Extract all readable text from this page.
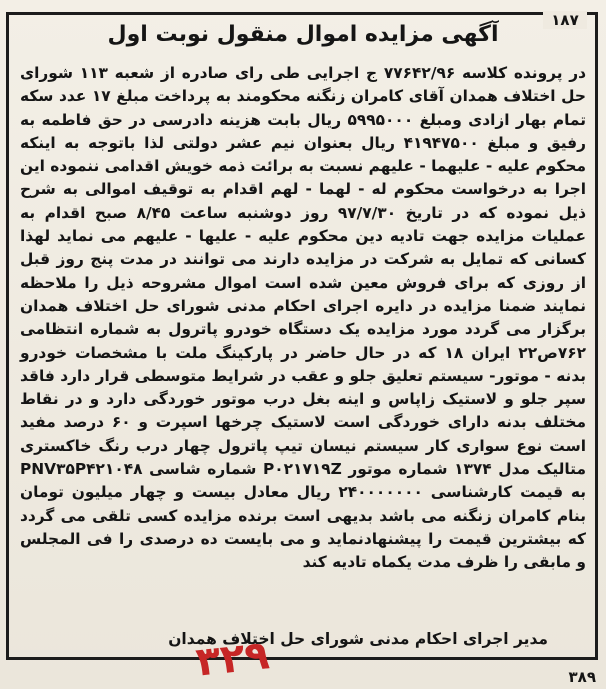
۱۸۷
آگهی مزایده اموال منقول نوبت اول
در پرونده کلاسه ۷۷۶۴۲/۹۶ ج اجرایی طی رای صادره از شعبه ۱۱۳ شورای حل اختلاف همدان آقای کامران زنگنه محکومند به پرداخت مبلغ ۱۷ عدد سکه تمام بهار ازادی ومبلغ ۵۹۹۵۰۰۰ ریال بابت هزینه دادرسی در حق فاطمه به رفیق و مبلغ ۴۱۹۴۷۵۰۰ ریال بعنوان نیم عشر دولتی لذا باتوجه به اینکه محکوم علیه - علیهما - علیهم نسبت به برائت ذمه خویش اقدامی ننموده این اجرا به درخواست محکوم له - لهما - لهم اقدام به توقیف اموالی به شرح ذیل نموده که در تاریخ ۹۷/۷/۳۰ روز دوشنبه ساعت ۸/۴۵ صبح اقدام به عملیات مزایده جهت تادیه دین محکوم علیه - علیها - علیهم می نماید لهذا کسانی که تمایل به شرکت در مزایده دارند می توانند در مدت پنج روز قبل از روزی که برای فروش معین شده است اموال مشروحه ذیل را ملاحظه نمایند ضمنا مزایده در دایره اجرای احکام مدنی شورای حل اختلاف همدان برگزار می گردد مورد مزایده یک دستگاه خودرو پاترول به شماره انتظامی ۷۶۲ص۲۲ ایران ۱۸ که در حال حاضر در پارکینگ ملت با مشخصات خودرو بدنه - موتور- سیستم تعلیق جلو و عقب در شرایط متوسطی قرار دارد فاقد سپر جلو و لاستیک زاپاس و اینه بغل درب موتور خوردگی دارد و در نقاط مختلف بدنه دارای خوردگی است لاستیک چرخها اسپرت و ۶۰ درصد مفید است نوع سواری کار سیستم نیسان تیپ پاترول چهار درب رنگ خاکستری متالیک مدل ۱۳۷۴ شماره موتور P۰۲۱۷۱۹Z شماره شاسی PNV۳۵P۴۲۱۰۴۸ به قیمت کارشناسی ۲۴۰۰۰۰۰۰۰ ریال معادل بیست و چهار میلیون تومان بنام کامران زنگنه می باشد بدیهی است برنده مزایده کسی تلقی می گردد که بیشترین قیمت را پیشنهادنماید و می بایست ده درصدی را فی المجلس و مابقی را ظرف مدت یکماه تادیه کند
مدیر اجرای احکام مدنی شورای حل اختلاف همدان
۳۲۹	۳۸۹
